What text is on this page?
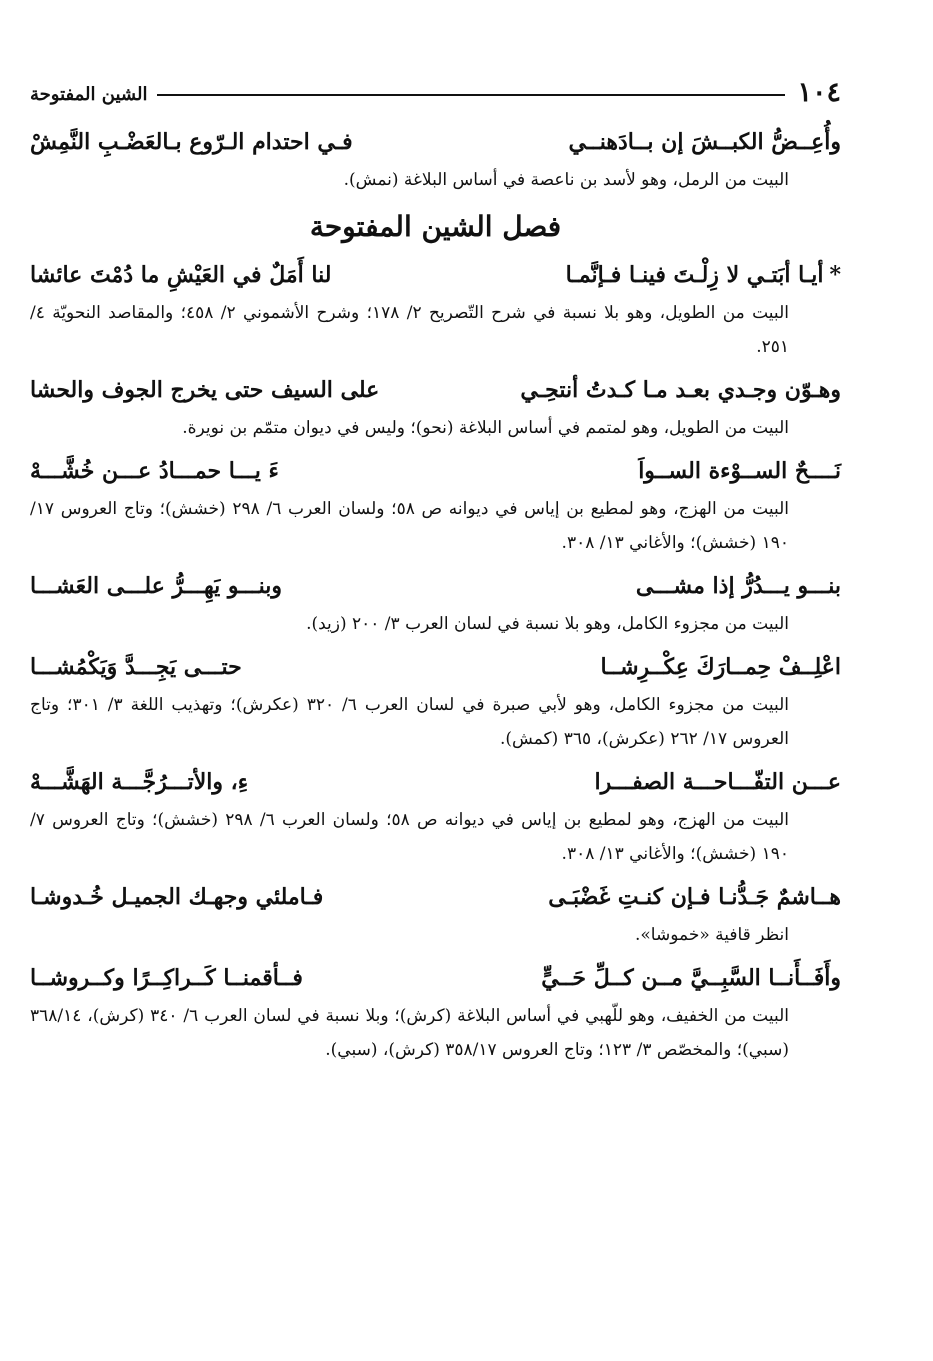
١٠٤
الشين المفتوحة
وأُعِــضُّ الكبــشَ إن بــادَهنــي
فـي احتدام الـرّوع بـالعَضْـبِ النَّمِشْ
البيت من الرمل، وهو لأسد بن ناعصة في أساس البلاغة (نمش).
فصل الشين المفتوحة
*أيـا أبَتـي لا زِلْـتَ فينـا فـإنَّمـا
لنا أَمَلٌ في العَيْشِ ما دُمْتَ عائشا
البيت من الطويل، وهو بلا نسبة في شرح التّصريح ٢/ ١٧٨؛ وشرح الأشموني ٢/ ٤٥٨؛ والمقاصد النحويّة ٤/ ٢٥١.
وهـوّن وجـدي بعـد مـا كـدتُ أنتحِـي
على السيف حتى يخرج الجوف والحشا
البيت من الطويل، وهو لمتمم في أساس البلاغة (نحو)؛ وليس في ديوان متمّم بن نويرة.
نَــــحٌ الســوْءة الســواَ
ءَ يـــا حمـــادُ عـــن خُشَّـــهْ
البيت من الهزج، وهو لمطيع بن إياس في ديوانه ص ٥٨؛ ولسان العرب ٦/ ٢٩٨ (خشش)؛ وتاج العروس ١٧/ ١٩٠ (خشش)؛ والأغاني ١٣/ ٣٠٨.
بنـــو يـــدُرُّ إذا مشـــى
وبنـــو يَهِـــرُّ علـــى العَشـــا
البيت من مجزوء الكامل، وهو بلا نسبة في لسان العرب ٣/ ٢٠٠ (زيد).
اعْلِــفْ حِمــارَكَ عِكْــرِشــا
حتـــى يَجِـــدَّ وَيَكْمُشـــا
البيت من مجزوء الكامل، وهو لأبي صبرة في لسان العرب ٦/ ٣٢٠ (عكرش)؛ وتهذيب اللغة ٣/ ٣٠١؛ وتاج العروس ١٧/ ٢٦٢ (عكرش)، ٣٦٥ (كمش).
عـــن التفّـــاحـــة الصفـــرا
ءِ، والأتـــرُجَّـــة الهَشَّـــهْ
البيت من الهزج، وهو لمطيع بن إياس في ديوانه ص ٥٨؛ ولسان العرب ٦/ ٢٩٨ (خشش)؛ وتاج العروس ٧/ ١٩٠ (خشش)؛ والأغاني ١٣/ ٣٠٨.
هــاشمٌ جَـدُّنـا فـإن كنـتِ غَضْبَـى
فـاملئي وجهـك الجميـل خُـدوشـا
انظر قافية «خموشا».
وأَفَــأَنــا السَّبِــيَّ مــن كــلِّ حَــيٍّ
فــأقمنــا كَــراكِــرًا وكــروشــا
البيت من الخفيف، وهو للّهبي في أساس البلاغة (كرش)؛ وبلا نسبة في لسان العرب ٦/ ٣٤٠ (كرش)، ٣٦٨/١٤ (سبي)؛ والمخصّص ٣/ ١٢٣؛ وتاج العروس ٣٥٨/١٧ (كرش)، (سبي).
